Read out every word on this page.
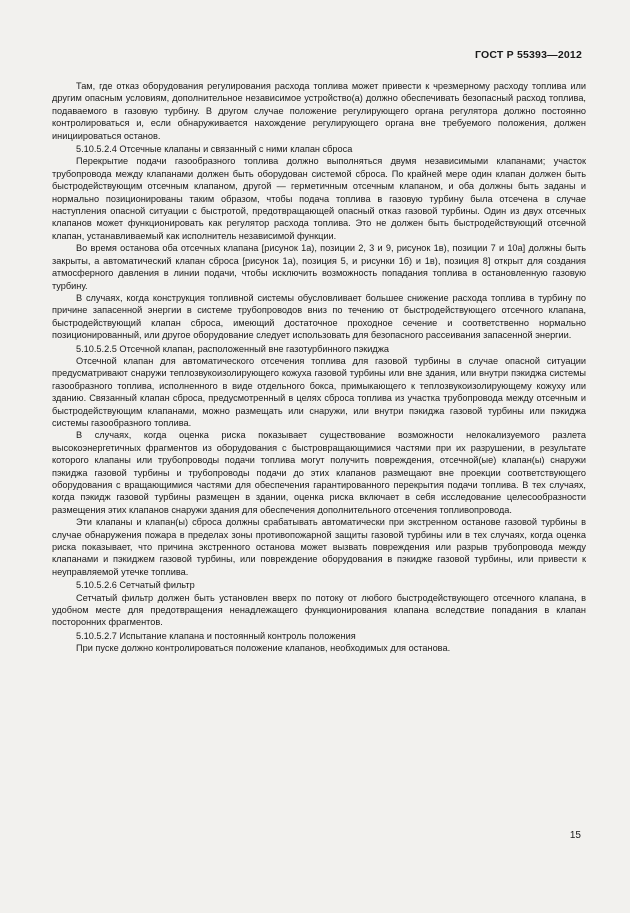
ГОСТ Р 55393—2012

Там, где отказ оборудования регулирования расхода топлива может привести к чрезмерному расходу топлива или другим опасным условиям, дополнительное независимое устройство(а) должно обеспечивать безопасный расход топлива, подаваемого в газовую турбину. В другом случае положение регулирующего органа регулятора должно постоянно контролироваться и, если обнаруживается нахождение регулирующего органа вне требуемого положения, должен инициироваться останов.

5.10.5.2.4 Отсечные клапаны и связанный с ними клапан сброса

Перекрытие подачи газообразного топлива должно выполняться двумя независимыми клапанами; участок трубопровода между клапанами должен быть оборудован системой сброса. По крайней мере один клапан должен быть быстродействующим отсечным клапаном, другой — герметичным отсечным клапаном, и оба должны быть заданы и нормально позиционированы таким образом, чтобы подача топлива в газовую турбину была отсечена в случае наступления опасной ситуации с быстротой, предотвращающей опасный отказ газовой турбины. Один из двух отсечных клапанов может функционировать как регулятор расхода топлива. Это не должен быть быстродействующий отсечной клапан, устанавливаемый как исполнитель независимой функции.

Во время останова оба отсечных клапана [рисунок 1а), позиции 2, 3 и 9, рисунок 1в), позиции 7 и 10а] должны быть закрыты, а автоматический клапан сброса [рисунок 1а), позиция 5, и рисунки 1б) и 1в), позиция 8] открыт для создания атмосферного давления в линии подачи, чтобы исключить возможность попадания топлива в остановленную газовую турбину.

В случаях, когда конструкция топливной системы обусловливает большее снижение расхода топлива в турбину по причине запасенной энергии в системе трубопроводов вниз по течению от быстродействующего отсечного клапана, быстродействующий клапан сброса, имеющий достаточное проходное сечение и соответственно нормально позиционированный, или другое оборудование следует использовать для безопасного рассеивания запасенной энергии.

5.10.5.2.5 Отсечной клапан, расположенный вне газотурбинного пэкиджа

Отсечной клапан для автоматического отсечения топлива для газовой турбины в случае опасной ситуации предусматривают снаружи теплозвукоизолирующего кожуха газовой турбины или вне здания, или внутри пэкиджа системы газообразного топлива, исполненного в виде отдельного бокса, примыкающего к теплозвукоизолирующему кожуху или зданию. Связанный клапан сброса, предусмотренный в целях сброса топлива из участка трубопровода между отсечным и быстродействующим клапанами, можно размещать или снаружи, или внутри пэкиджа газовой турбины или пэкиджа системы газообразного топлива.

В случаях, когда оценка риска показывает существование возможности нелокализуемого разлета высокоэнергетичных фрагментов из оборудования с быстровращающимися частями при их разрушении, в результате которого клапаны или трубопроводы подачи топлива могут получить повреждения, отсечной(ые) клапан(ы) снаружи пэкиджа газовой турбины и трубопроводы подачи до этих клапанов размещают вне проекции соответствующего оборудования с вращающимися частями для обеспечения гарантированного перекрытия подачи топлива. В тех случаях, когда пэкидж газовой турбины размещен в здании, оценка риска включает в себя исследование целесообразности размещения этих клапанов снаружи здания для обеспечения дополнительного отсечения топливопровода.

Эти клапаны и клапан(ы) сброса должны срабатывать автоматически при экстренном останове газовой турбины в случае обнаружения пожара в пределах зоны противопожарной защиты газовой турбины или в тех случаях, когда оценка риска показывает, что причина экстренного останова может вызвать повреждения или разрыв трубопровода между клапанами и пэкиджем газовой турбины, или повреждение оборудования в пэкидже газовой турбины, или привести к неуправляемой утечке топлива.

5.10.5.2.6 Сетчатый фильтр

Сетчатый фильтр должен быть установлен вверх по потоку от любого быстродействующего отсечного клапана, в удобном месте для предотвращения ненадлежащего функционирования клапана вследствие попадания в клапан посторонних фрагментов.

5.10.5.2.7 Испытание клапана и постоянный контроль положения

При пуске должно контролироваться положение клапанов, необходимых для останова.

15
